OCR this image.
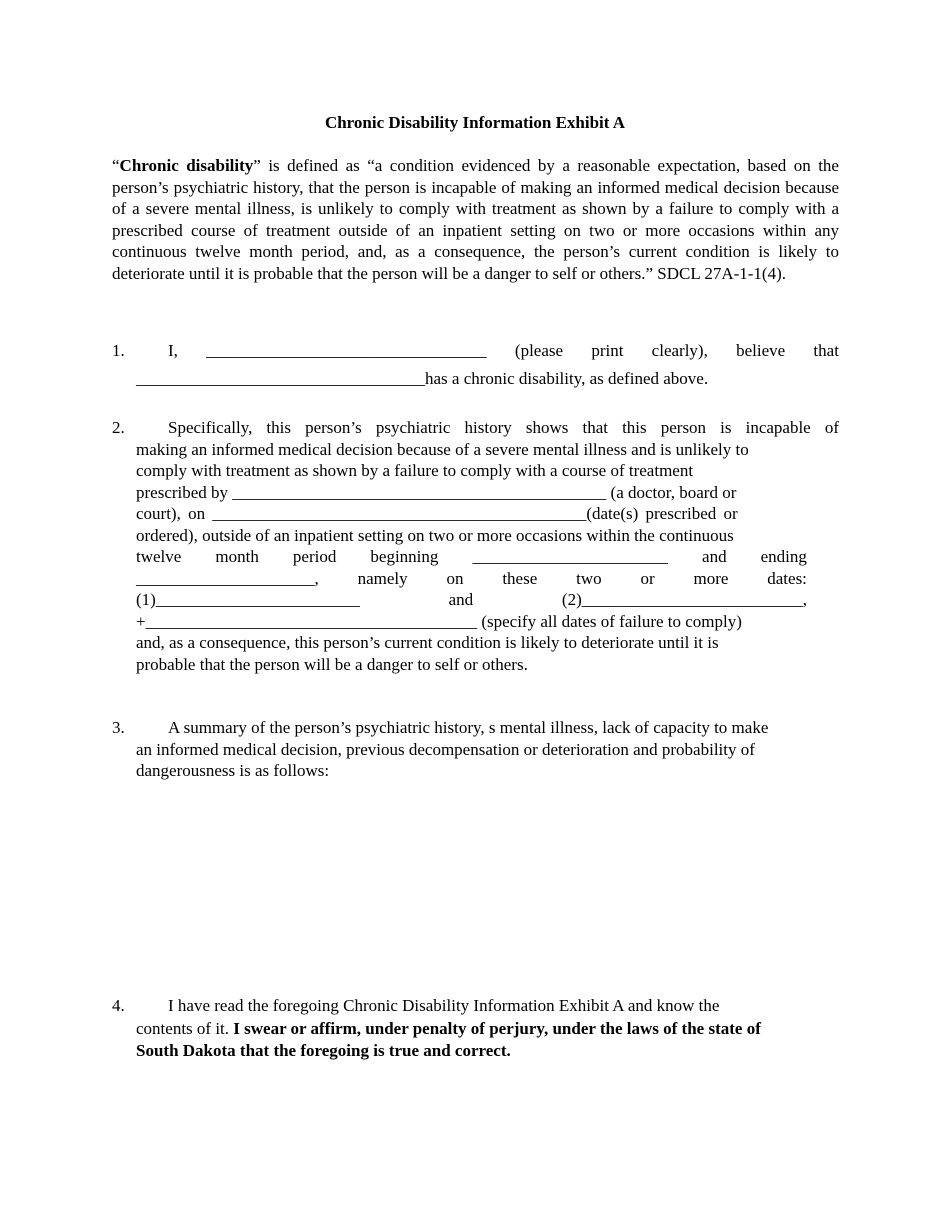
Chronic Disability Information Exhibit A
“Chronic disability” is defined as “a condition evidenced by a reasonable expectation, based on the person’s psychiatric history, that the person is incapable of making an informed medical decision because of a severe mental illness, is unlikely to comply with treatment as shown by a failure to comply with a prescribed course of treatment outside of an inpatient setting on two or more occasions within any continuous twelve month period, and, as a consequence, the person’s current condition is likely to deteriorate until it is probable that the person will be a danger to self or others.” SDCL 27A-1-1(4).
1.	I, _________________________________ (please print clearly), believe that
__________________________________has a chronic disability, as defined above.
2.	Specifically, this person’s psychiatric history shows that this person is incapable of
making an informed medical decision because of a severe mental illness and is unlikely to
comply with treatment as shown by a failure to comply with a course of treatment
prescribed by ____________________________________________ (a doctor, board or
court), on ____________________________________________(date(s) prescribed or
ordered), outside of an inpatient setting on two or more occasions within the continuous
twelve month period beginning _______________________ and ending
_____________________, namely on these two or more dates:
(1)________________________	and	(2)__________________________,
+_______________________________________ (specify all dates of failure to comply)
and, as a consequence, this person’s current condition is likely to deteriorate until it is
probable that the person will be a danger to self or others.
3.	A summary of the person’s psychiatric history, s mental illness, lack of capacity to make
an informed medical decision, previous decompensation or deterioration and probability of
dangerousness is as follows:
4.	I have read the foregoing Chronic Disability Information Exhibit A and know the
contents of it. I swear or affirm, under penalty of perjury, under the laws of the state of
South Dakota that the foregoing is true and correct.
